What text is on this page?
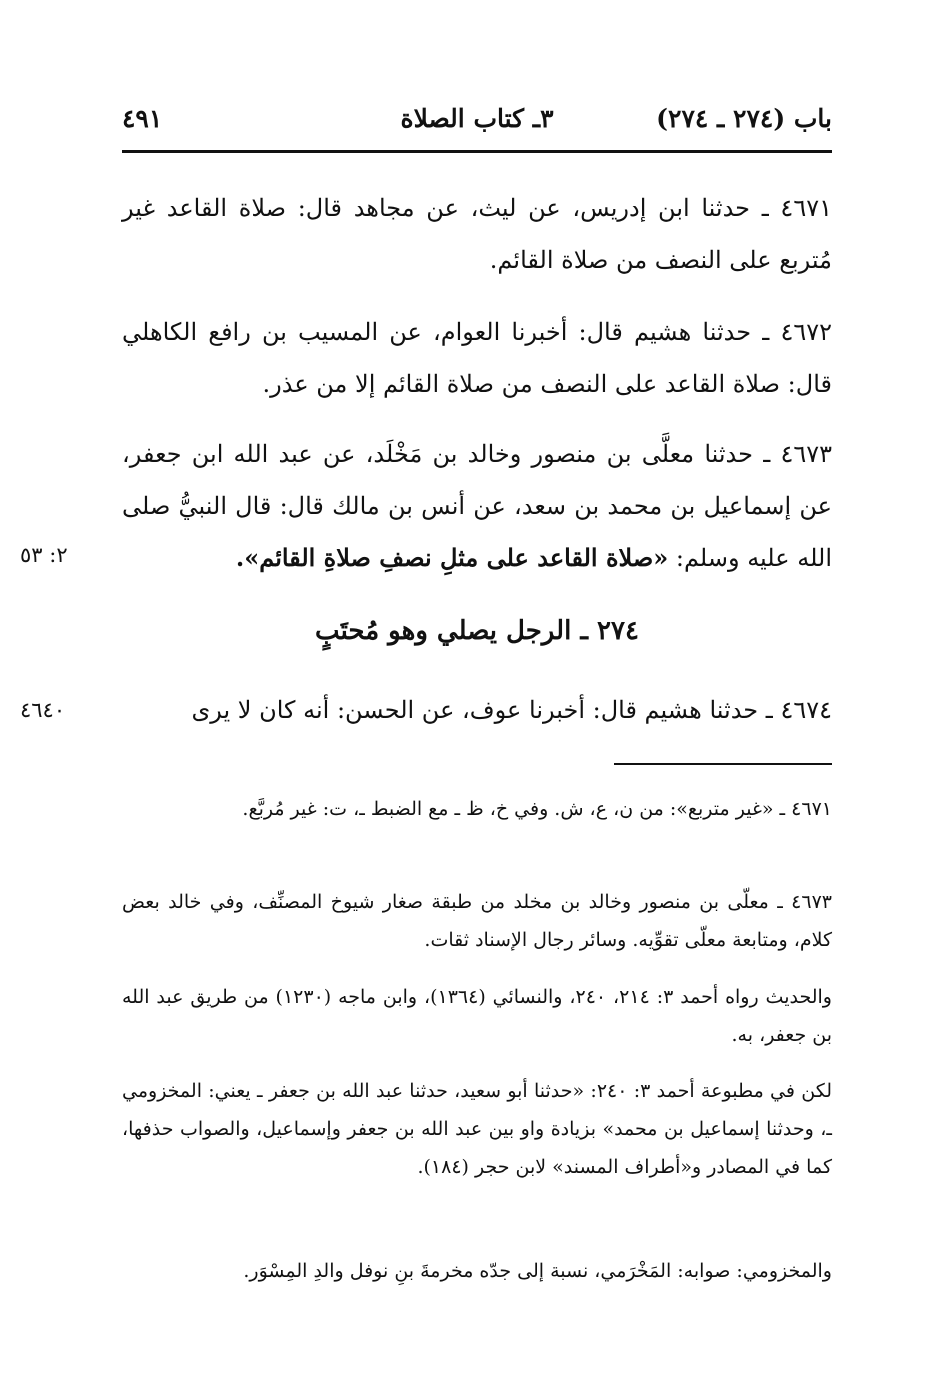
باب (٢٧٤ ـ ٢٧٤)
٣ـ كتاب الصلاة
٤٩١
٤٦٧١ ـ حدثنا ابن إدريس، عن ليث، عن مجاهد قال: صلاة القاعد غير مُتربع على النصف من صلاة القائم.
٤٦٧٢ ـ حدثنا هشيم قال: أخبرنا العوام، عن المسيب بن رافع الكاهلي قال: صلاة القاعد على النصف من صلاة القائم إلا من عذر.
٤٦٧٣ ـ حدثنا معلَّى بن منصور وخالد بن مَخْلَد، عن عبد الله ابن جعفر، عن إسماعيل بن محمد بن سعد، عن أنس بن مالك قال: قال النبيُّ صلى الله عليه وسلم: «صلاة القاعد على مثلِ نصفِ صلاةِ القائم».
٢: ٥٣
٢٧٤ ـ الرجل يصلي وهو مُحتَبٍ
٤٦٧٤ ـ حدثنا هشيم قال: أخبرنا عوف، عن الحسن: أنه كان لا يرى
٤٦٤٠
٤٦٧١ ـ «غير متربع»: من ن، ع، ش. وفي خ، ظ ـ مع الضبط ـ، ت: غير مُربَّع.
٤٦٧٣ ـ معلّى بن منصور وخالد بن مخلد من طبقة صغار شيوخ المصنِّف، وفي خالد بعض كلام، ومتابعة معلّى تقوِّيه. وسائر رجال الإسناد ثقات.
والحديث رواه أحمد ٣: ٢١٤، ٢٤٠، والنسائي (١٣٦٤)، وابن ماجه (١٢٣٠) من طريق عبد الله بن جعفر، به.
لكن في مطبوعة أحمد ٣: ٢٤٠: «حدثنا أبو سعيد، حدثنا عبد الله بن جعفر ـ يعني: المخزومي ـ، وحدثنا إسماعيل بن محمد» بزيادة واو بين عبد الله بن جعفر وإسماعيل، والصواب حذفها، كما في المصادر و«أطراف المسند» لابن حجر (١٨٤).
والمخزومي: صوابه: المَخْرَمي، نسبة إلى جدّه مخرمةَ بنِ نوفل والدِ المِسْوَر.
